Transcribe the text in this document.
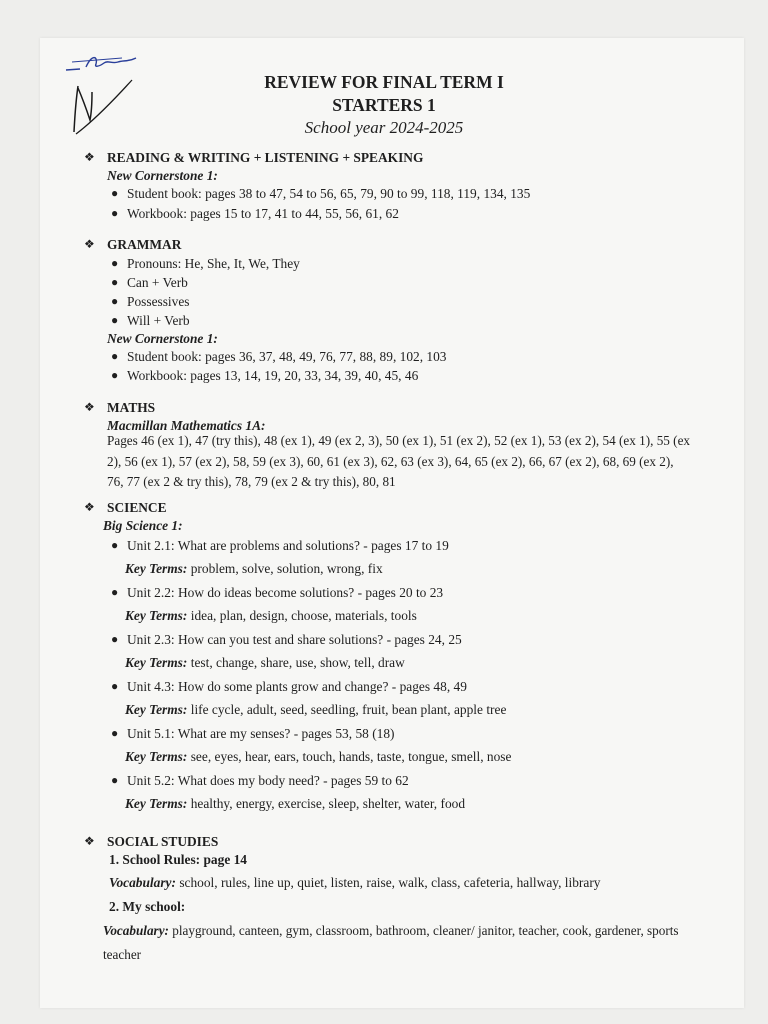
REVIEW FOR FINAL TERM I
STARTERS 1
School year 2024-2025
❖ READING & WRITING + LISTENING + SPEAKING
New Cornerstone 1:
● Student book: pages 38 to 47, 54 to 56, 65, 79, 90 to 99, 118, 119, 134, 135
● Workbook: pages 15 to 17, 41 to 44, 55, 56, 61, 62
❖ GRAMMAR
● Pronouns: He, She, It, We, They
● Can + Verb
● Possessives
● Will + Verb
New Cornerstone 1:
● Student book: pages 36, 37, 48, 49, 76, 77, 88, 89, 102, 103
● Workbook: pages 13, 14, 19, 20, 33, 34, 39, 40, 45, 46
❖ MATHS
Macmillan Mathematics 1A:
Pages 46 (ex 1), 47 (try this), 48 (ex 1), 49 (ex 2, 3), 50 (ex 1), 51 (ex 2), 52 (ex 1), 53 (ex 2), 54 (ex 1), 55 (ex 2), 56 (ex 1), 57 (ex 2), 58, 59 (ex 3), 60, 61 (ex 3), 62, 63 (ex 3), 64, 65 (ex 2), 66, 67 (ex 2), 68, 69 (ex 2), 76, 77 (ex 2 & try this), 78, 79 (ex 2 & try this), 80, 81
❖ SCIENCE
Big Science 1:
● Unit 2.1: What are problems and solutions? - pages 17 to 19
Key Terms: problem, solve, solution, wrong, fix
● Unit 2.2: How do ideas become solutions? - pages 20 to 23
Key Terms: idea, plan, design, choose, materials, tools
● Unit 2.3: How can you test and share solutions? - pages 24, 25
Key Terms: test, change, share, use, show, tell, draw
● Unit 4.3: How do some plants grow and change? - pages 48, 49
Key Terms: life cycle, adult, seed, seedling, fruit, bean plant, apple tree
● Unit 5.1: What are my senses? - pages 53, 58 (18)
Key Terms: see, eyes, hear, ears, touch, hands, taste, tongue, smell, nose
● Unit 5.2: What does my body need? - pages 59 to 62
Key Terms: healthy, energy, exercise, sleep, shelter, water, food
❖ SOCIAL STUDIES
1. School Rules: page 14
Vocabulary: school, rules, line up, quiet, listen, raise, walk, class, cafeteria, hallway, library
2. My school:
Vocabulary: playground, canteen, gym, classroom, bathroom, cleaner/ janitor, teacher, cook, gardener, sports teacher
